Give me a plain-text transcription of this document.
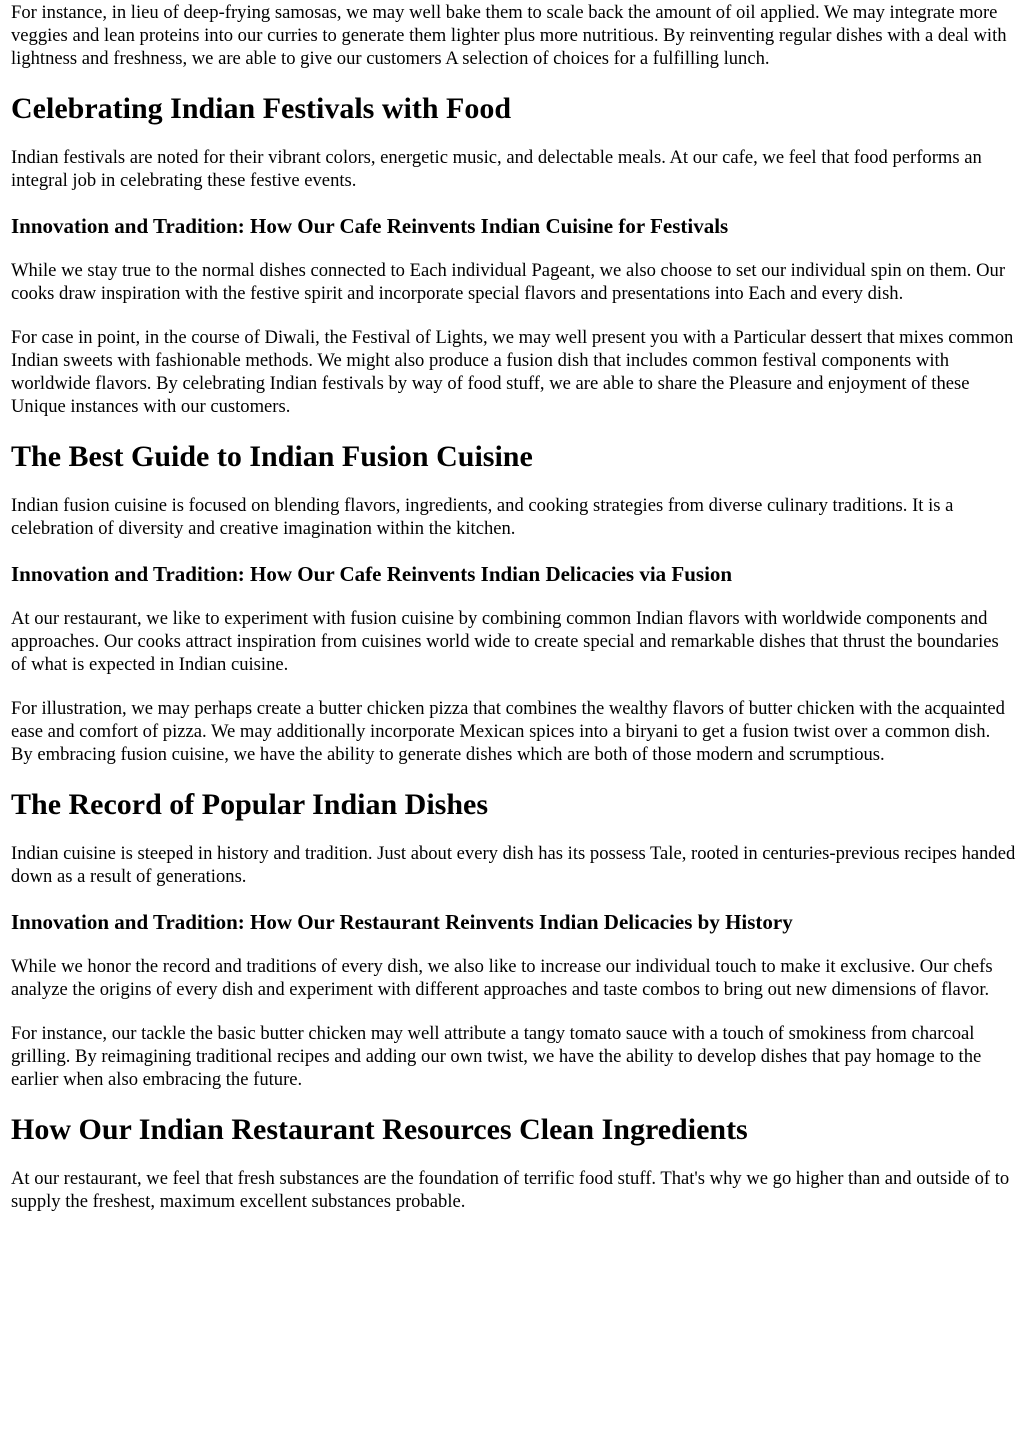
For instance, in lieu of deep-frying samosas, we may well bake them to scale back the amount of oil applied. We may integrate more veggies and lean proteins into our curries to generate them lighter plus more nutritious. By reinventing regular dishes with a deal with lightness and freshness, we are able to give our customers A selection of choices for a fulfilling lunch.

Celebrating Indian Festivals with Food

Indian festivals are noted for their vibrant colors, energetic music, and delectable meals. At our cafe, we feel that food performs an integral job in celebrating these festive events.

Innovation and Tradition: How Our Cafe Reinvents Indian Cuisine for Festivals

While we stay true to the normal dishes connected to Each individual Pageant, we also choose to set our individual spin on them. Our cooks draw inspiration with the festive spirit and incorporate special flavors and presentations into Each and every dish.

For case in point, in the course of Diwali, the Festival of Lights, we may well present you with a Particular dessert that mixes common Indian sweets with fashionable methods. We might also produce a fusion dish that includes common festival components with worldwide flavors. By celebrating Indian festivals by way of food stuff, we are able to share the Pleasure and enjoyment of these Unique instances with our customers.

The Best Guide to Indian Fusion Cuisine

Indian fusion cuisine is focused on blending flavors, ingredients, and cooking strategies from diverse culinary traditions. It is a celebration of diversity and creative imagination within the kitchen.

Innovation and Tradition: How Our Cafe Reinvents Indian Delicacies via Fusion

At our restaurant, we like to experiment with fusion cuisine by combining common Indian flavors with worldwide components and approaches. Our cooks attract inspiration from cuisines world wide to create special and remarkable dishes that thrust the boundaries of what is expected in Indian cuisine.

For illustration, we may perhaps create a butter chicken pizza that combines the wealthy flavors of butter chicken with the acquainted ease and comfort of pizza. We may additionally incorporate Mexican spices into a biryani to get a fusion twist over a common dish. By embracing fusion cuisine, we have the ability to generate dishes which are both of those modern and scrumptious.

The Record of Popular Indian Dishes

Indian cuisine is steeped in history and tradition. Just about every dish has its possess Tale, rooted in centuries-previous recipes handed down as a result of generations.

Innovation and Tradition: How Our Restaurant Reinvents Indian Delicacies by History

While we honor the record and traditions of every dish, we also like to increase our individual touch to make it exclusive. Our chefs analyze the origins of every dish and experiment with different approaches and taste combos to bring out new dimensions of flavor.

For instance, our tackle the basic butter chicken may well attribute a tangy tomato sauce with a touch of smokiness from charcoal grilling. By reimagining traditional recipes and adding our own twist, we have the ability to develop dishes that pay homage to the earlier when also embracing the future.

How Our Indian Restaurant Resources Clean Ingredients

At our restaurant, we feel that fresh substances are the foundation of terrific food stuff. That's why we go higher than and outside of to supply the freshest, maximum excellent substances probable.
